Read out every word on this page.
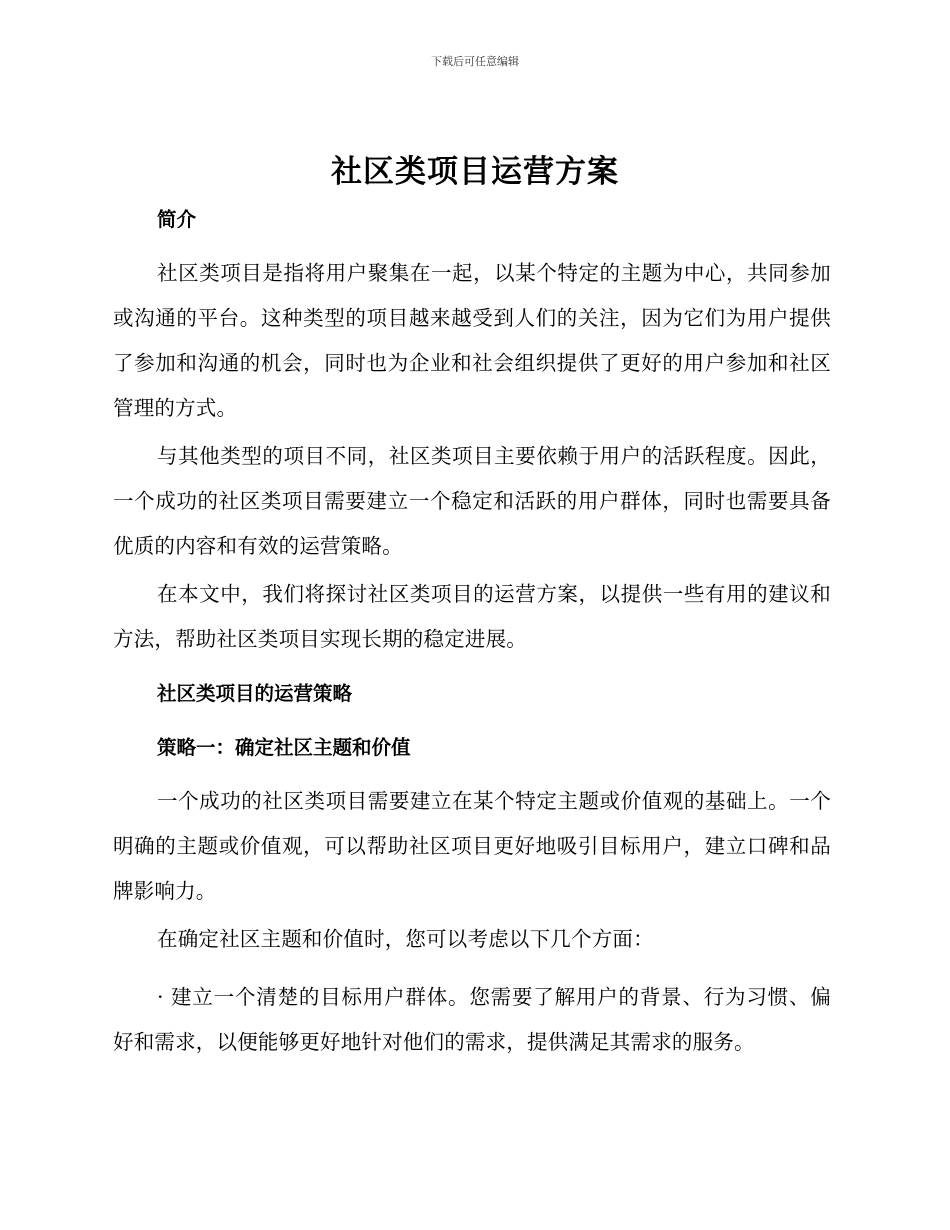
下载后可任意编辑
社区类项目运营方案
简介
社区类项目是指将用户聚集在一起，以某个特定的主题为中心，共同参加或沟通的平台。这种类型的项目越来越受到人们的关注，因为它们为用户提供了参加和沟通的机会，同时也为企业和社会组织提供了更好的用户参加和社区管理的方式。
与其他类型的项目不同，社区类项目主要依赖于用户的活跃程度。因此，一个成功的社区类项目需要建立一个稳定和活跃的用户群体，同时也需要具备优质的内容和有效的运营策略。
在本文中，我们将探讨社区类项目的运营方案，以提供一些有用的建议和方法，帮助社区类项目实现长期的稳定进展。
社区类项目的运营策略
策略一：确定社区主题和价值
一个成功的社区类项目需要建立在某个特定主题或价值观的基础上。一个明确的主题或价值观，可以帮助社区项目更好地吸引目标用户，建立口碑和品牌影响力。
在确定社区主题和价值时，您可以考虑以下几个方面：
· 建立一个清楚的目标用户群体。您需要了解用户的背景、行为习惯、偏好和需求，以便能够更好地针对他们的需求，提供满足其需求的服务。
